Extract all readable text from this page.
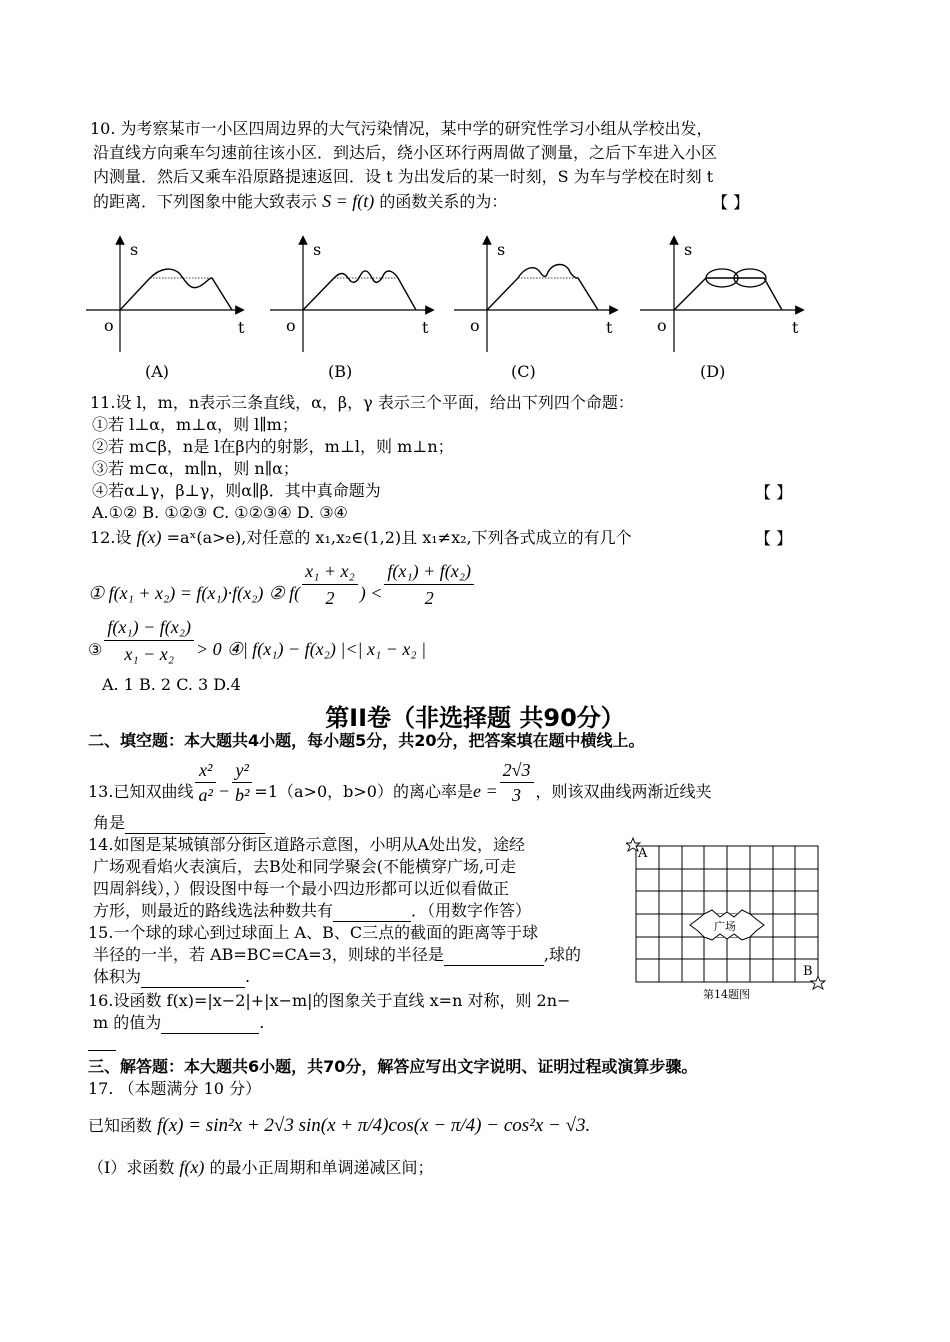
10. 为考察某市一小区四周边界的大气污染情况，某中学的研究性学习小组从学校出发，
沿直线方向乘车匀速前往该小区．到达后，绕小区环行两周做了测量，之后下车进入小区
内测量．然后又乘车沿原路提速返回．设 t 为出发后的某一时刻，S 为车与学校在时刻 t
的距离．下列图象中能大致表示 S = f(t) 的函数关系的为：	【 】
s
o	t
(A)
s
o	t
(B)
s
o	t
(C)
s
o	t
(D)
11.设 l，m，n表示三条直线，α，β，γ 表示三个平面，给出下列四个命题：
①若 l⊥α，m⊥α，则 l∥m；
②若 m⊂β，n是 l在β内的射影，m⊥l，则 m⊥n；
③若 m⊂α，m∥n，则 n∥α；
④若α⊥γ，β⊥γ，则α∥β．其中真命题为	【 】
A.①② B. ①②③ C. ①②③④ D. ③④
12.设 f(x) =aˣ(a>e),对任意的 x₁,x₂∈(1,2)且 x₁≠x₂,下列各式成立的有几个	【 】
① f(x₁ + x₂) = f(x₁)·f(x₂) ② $f( \frac{\text{x₁ + x₂}}{2}$ ) < $\frac{\text{f(x₁) + f(x₂)}}{2}$
③ $\frac{\text{f(x₁) − f(x₂)}}{\text{x₁ − x₂}} > 0$ ④| f(x₁) − f(x₂) |<| x₁ − x₂ |
A. 1 B. 2 C. 3 D.4
第II卷（非选择题 共90分）
二、填空题：本大题共4小题，每小题5分，共20分，把答案填在题中横线上。
13.已知双曲线 $\frac{\text{x²}}{\text{a²}} - \frac{\text{y²}}{\text{b²}} =1(a>0$，b>0）的离心率是$e = \frac{2√3}{3}$ ，则该双曲线两渐近线夹
角是
14.如图是某城镇部分街区道路示意图，小明从A处出发，途经
广场观看焰火表演后，去B处和同学聚会(不能横穿广场,可走
四周斜线），）假设图中每一个最小四边形都可以近似看做正
方形，则最近的路线选法种数共有	．（用数字作答）
A
B
广场
第14题图
15.一个球的球心到过球面上 A、B、C三点的截面的距离等于球
半径的一半，若 AB=BC=CA=3，则球的半径是	,球的
体积为	.
16.设函数 f(x)=|x−2|+|x−m|的图象关于直线 x=n 对称，则 2n−
m 的值为	.
三、解答题：本大题共6小题，共70分，解答应写出文字说明、证明过程或演算步骤。
17. （本题满分 10 分）
已知函数 f(x) = sin²x + 2√3 sin(x + π/4)cos(x − π/4) − cos²x − √3.
（I）求函数 f(x) 的最小正周期和单调递减区间；
